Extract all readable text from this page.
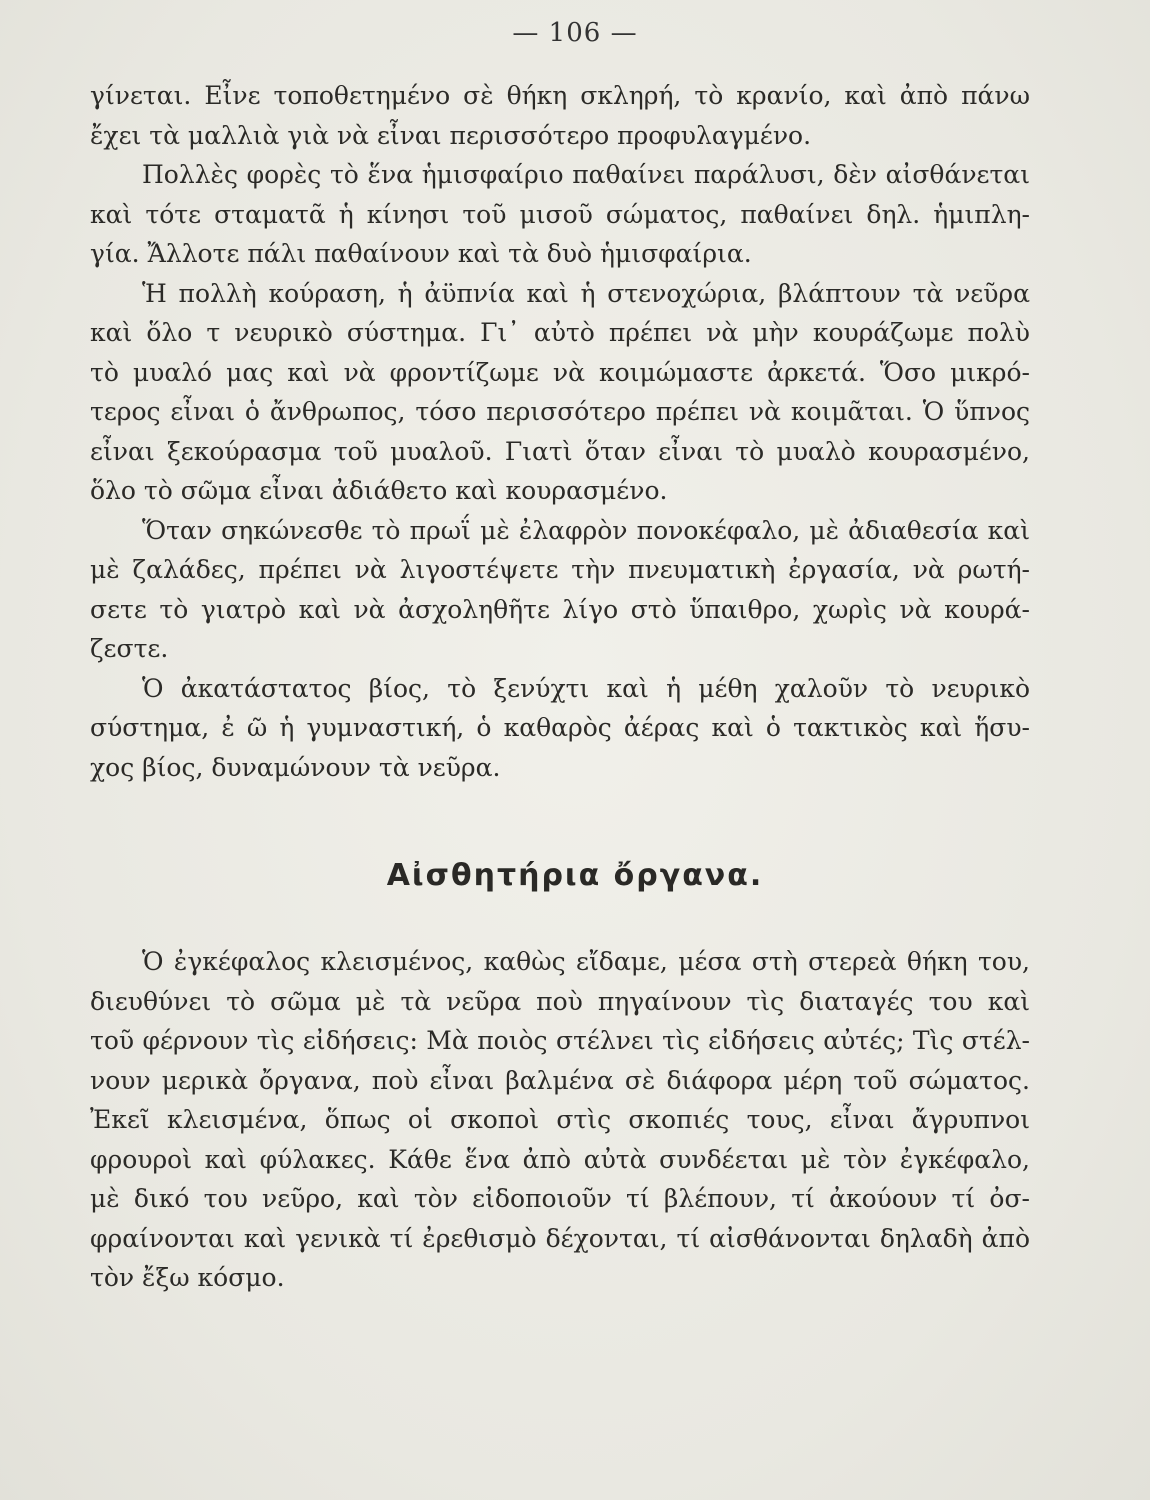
— 106 —
γίνεται. Εἶνε τοποθετημένο σὲ θήκη σκληρή, τὸ κρανίο, καὶ ἀπὸ πάνω
ἔχει τὰ μαλλιὰ γιὰ νὰ εἶναι περισσότερο προφυλαγμένο.
Πολλὲς φορὲς τὸ ἕνα ἡμισφαίριο παθαίνει παράλυσι, δὲν αἰσθάνεται
καὶ τότε σταματᾶ ἡ κίνησι τοῦ μισοῦ σώματος, παθαίνει δηλ. ἡμιπλη-
γία. Ἄλλοτε πάλι παθαίνουν καὶ τὰ δυὸ ἡμισφαίρια.
Ἡ πολλὴ κούραση, ἡ ἀϋπνία καὶ ἡ στενοχώρια, βλάπτουν τὰ νεῦρα
καὶ ὅλο τ νευρικὸ σύστημα. Γι᾽ αὐτὸ πρέπει νὰ μὴν κουράζωμε πολὺ
τὸ μυαλό μας καὶ νὰ φροντίζωμε νὰ κοιμώμαστε ἀρκετά. Ὅσο μικρό-
τερος εἶναι ὁ ἄνθρωπος, τόσο περισσότερο πρέπει νὰ κοιμᾶται. Ὁ ὕπνος
εἶναι ξεκούρασμα τοῦ μυαλοῦ. Γιατὶ ὅταν εἶναι τὸ μυαλὸ κουρασμένο,
ὅλο τὸ σῶμα εἶναι ἀδιάθετο καὶ κουρασμένο.
Ὅταν σηκώνεσθε τὸ πρωΐ μὲ ἐλαφρὸν πονοκέφαλο, μὲ ἀδιαθεσία καὶ
μὲ ζαλάδες, πρέπει νὰ λιγοστέψετε τὴν πνευματικὴ ἐργασία, νὰ ρωτή-
σετε τὸ γιατρὸ καὶ νὰ ἀσχοληθῆτε λίγο στὸ ὕπαιθρο, χωρὶς νὰ κουρά-
ζεστε.
Ὁ ἀκατάστατος βίος, τὸ ξενύχτι καὶ ἡ μέθη χαλοῦν τὸ νευρικὸ
σύστημα, ἐ ῶ ἡ γυμναστική, ὁ καθαρὸς ἀέρας καὶ ὁ τακτικὸς καὶ ἥσυ-
χος βίος, δυναμώνουν τὰ νεῦρα.
Αἰσθητήρια ὄργανα.
Ὁ ἐγκέφαλος κλεισμένος, καθὼς εἴδαμε, μέσα στὴ στερεὰ θήκη του,
διευθύνει τὸ σῶμα μὲ τὰ νεῦρα ποὺ πηγαίνουν τὶς διαταγές του καὶ
τοῦ φέρνουν τὶς εἰδήσεις: Μὰ ποιὸς στέλνει τὶς εἰδήσεις αὐτές; Τὶς στέλ-
νουν μερικὰ ὄργανα, ποὺ εἶναι βαλμένα σὲ διάφορα μέρη τοῦ σώματος.
Ἐκεῖ κλεισμένα, ὅπως οἱ σκοποὶ στὶς σκοπιές τους, εἶναι ἄγρυπνοι
φρουροὶ καὶ φύλακες. Κάθε ἕνα ἀπὸ αὐτὰ συνδέεται μὲ τὸν ἐγκέφαλο,
μὲ δικό του νεῦρο, καὶ τὸν εἰδοποιοῦν τί βλέπουν, τί ἀκούουν τί ὀσ-
φραίνονται καὶ γενικὰ τί ἐρεθισμὸ δέχονται, τί αἰσθάνονται δηλαδὴ ἀπὸ
τὸν ἔξω κόσμο.
